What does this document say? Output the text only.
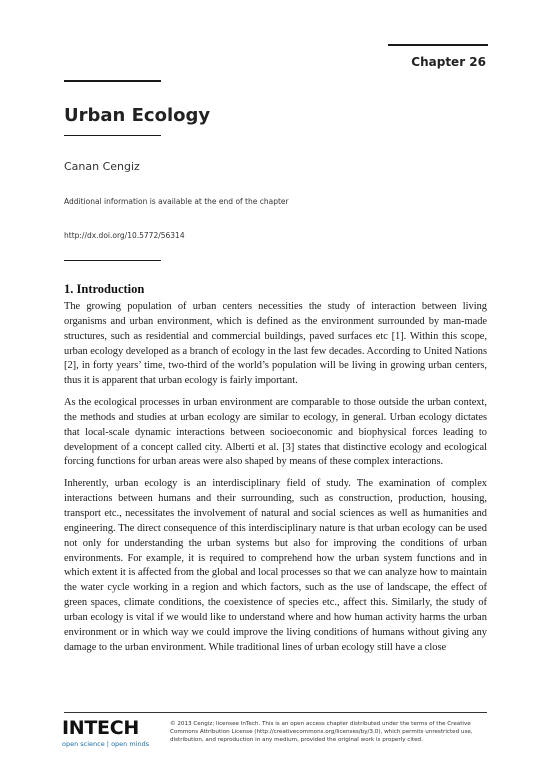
Chapter 26
Urban Ecology
Canan Cengiz
Additional information is available at the end of the chapter
http://dx.doi.org/10.5772/56314
1. Introduction

The growing population of urban centers necessities the study of interaction between living organisms and urban environment, which is defined as the environment surrounded by man-made structures, such as residential and commercial buildings, paved surfaces etc [1]. Within this scope, urban ecology developed as a branch of ecology in the last few decades. According to United Nations [2], in forty years’ time, two-third of the world’s population will be living in growing urban centers, thus it is apparent that urban ecology is fairly important.

As the ecological processes in urban environment are comparable to those outside the urban context, the methods and studies at urban ecology are similar to ecology, in general. Urban ecology dictates that local-scale dynamic interactions between socioeconomic and biophysical forces leading to development of a concept called city. Alberti et al. [3] states that distinctive ecology and ecological forcing functions for urban areas were also shaped by means of these complex interactions.

Inherently, urban ecology is an interdisciplinary field of study. The examination of complex interactions between humans and their surrounding, such as construction, production, housing, transport etc., necessitates the involvement of natural and social sciences as well as humanities and engineering. The direct consequence of this interdisciplinary nature is that urban ecology can be used not only for understanding the urban systems but also for improving the conditions of urban environments. For example, it is required to comprehend how the urban system functions and in which extent it is affected from the global and local processes so that we can analyze how to maintain the water cycle working in a region and which factors, such as the use of landscape, the effect of green spaces, climate conditions, the coexistence of species etc., affect this. Similarly, the study of urban ecology is vital if we would like to understand where and how human activity harms the urban environment or in which way we could improve the living conditions of humans without giving any damage to the urban environment. While traditional lines of urban ecology still have a close

INTECH
open science | open minds
© 2013 Cengiz; licensee InTech. This is an open access chapter distributed under the terms of the Creative Commons Attribution License (http://creativecommons.org/licenses/by/3.0), which permits unrestricted use, distribution, and reproduction in any medium, provided the original work is properly cited.
